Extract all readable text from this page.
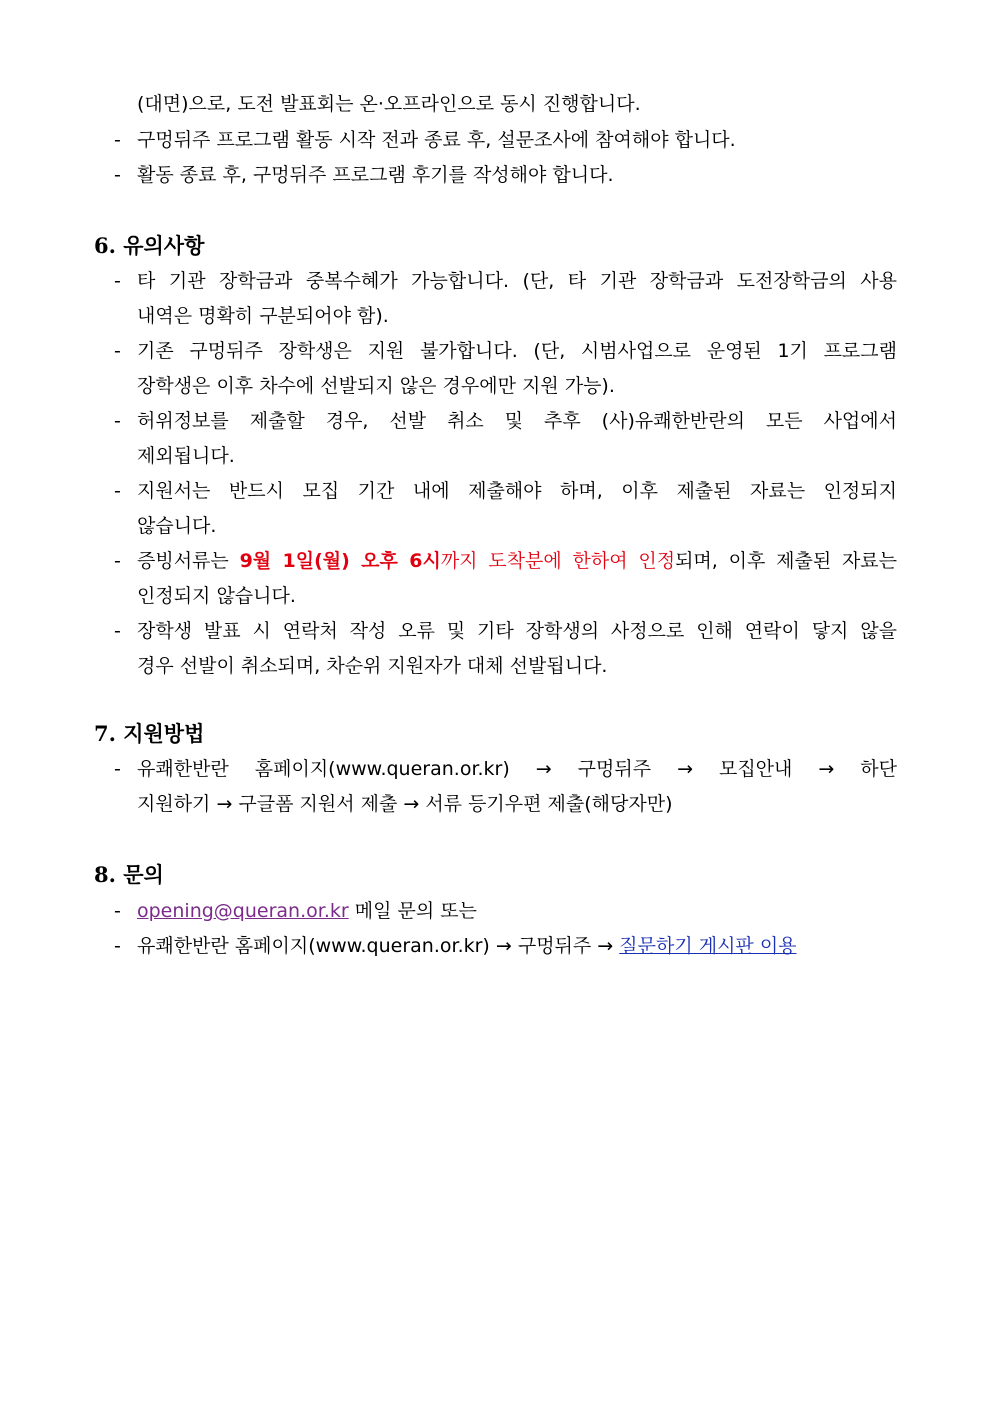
(대면)으로, 도전 발표회는 온·오프라인으로 동시 진행합니다.
- 구멍뒤주 프로그램 활동 시작 전과 종료 후, 설문조사에 참여해야 합니다.
- 활동 종료 후, 구멍뒤주 프로그램 후기를 작성해야 합니다.
6. 유의사항
- 타 기관 장학금과 중복수혜가 가능합니다. (단, 타 기관 장학금과 도전장학금의 사용
내역은 명확히 구분되어야 함).
- 기존 구멍뒤주 장학생은 지원 불가합니다. (단, 시범사업으로 운영된 1기 프로그램
장학생은 이후 차수에 선발되지 않은 경우에만 지원 가능).
- 허위정보를 제출할 경우, 선발 취소 및 추후 (사)유쾌한반란의 모든 사업에서
제외됩니다.
- 지원서는 반드시 모집 기간 내에 제출해야 하며, 이후 제출된 자료는 인정되지
않습니다.
- 증빙서류는 9월 1일(월) 오후 6시까지 도착분에 한하여 인정되며, 이후 제출된 자료는
인정되지 않습니다.
- 장학생 발표 시 연락처 작성 오류 및 기타 장학생의 사정으로 인해 연락이 닿지 않을
경우 선발이 취소되며, 차순위 지원자가 대체 선발됩니다.
7. 지원방법
- 유쾌한반란 홈페이지(www.queran.or.kr) → 구멍뒤주 → 모집안내 → 하단
지원하기 → 구글폼 지원서 제출 → 서류 등기우편 제출(해당자만)
8. 문의
- opening@queran.or.kr 메일 문의 또는
- 유쾌한반란 홈페이지(www.queran.or.kr) → 구멍뒤주 → 질문하기 게시판 이용
